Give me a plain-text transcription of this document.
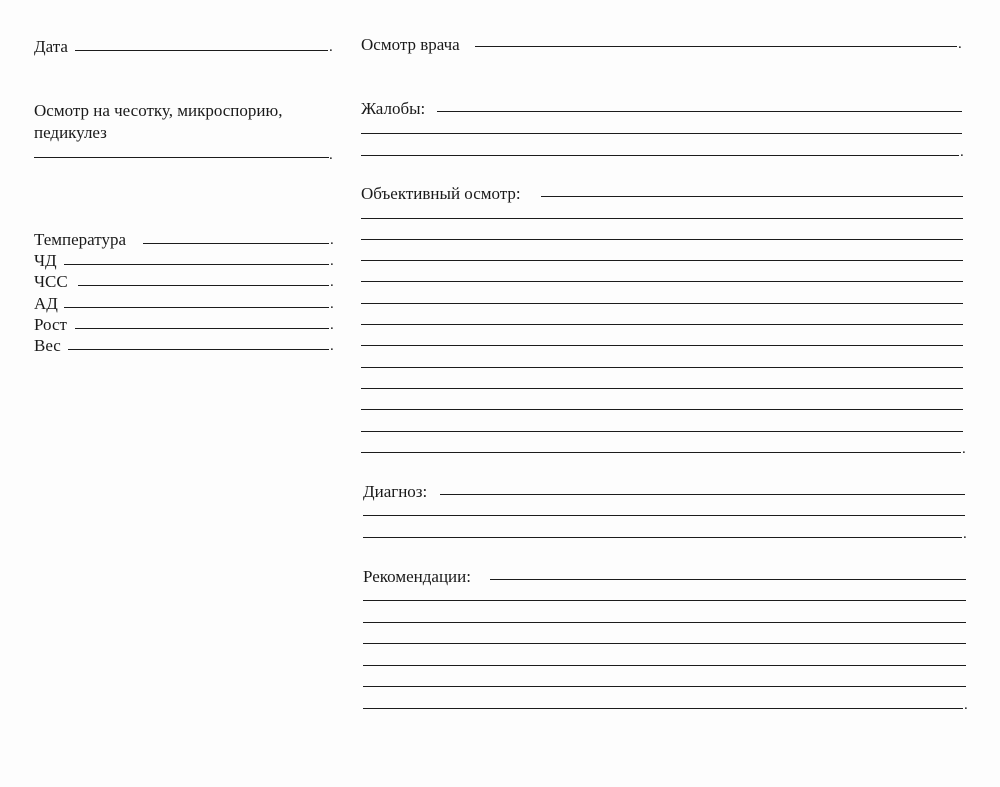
Дата	.
Осмотр на чесотку, микроспорию,
педикулез
.
Температура	.
ЧД	.
ЧСС	.
АД	.
Рост	.
Вес	.
Осмотр врача	.
Жалобы:
.
Объективный осмотр:
.
Диагноз:
.
Рекомендации:
.
